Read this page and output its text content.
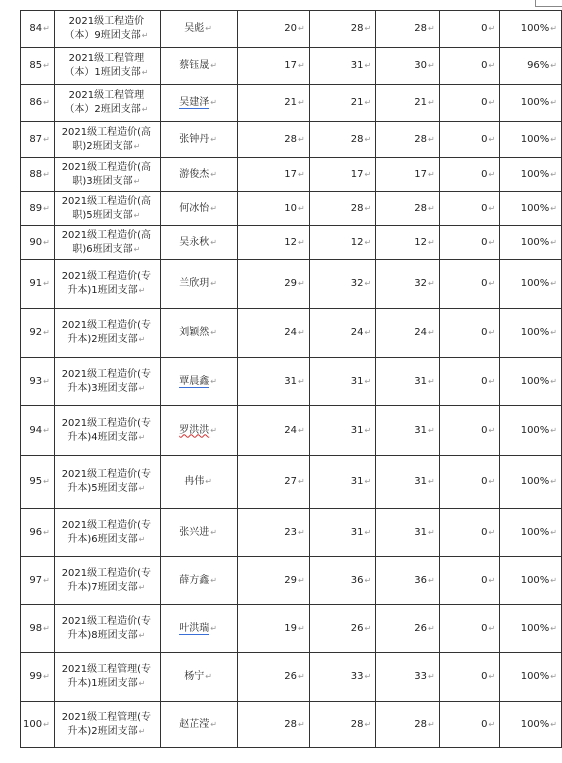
84↵	2021级工程造价（本）9班团支部↵	吴彪↵	20↵	28↵	28↵	0↵	100%↵
85↵	2021级工程管理（本）1班团支部↵	蔡钰晟↵	17↵	31↵	30↵	0↵	96%↵
86↵	2021级工程管理（本）2班团支部↵	吴建泽↵	21↵	21↵	21↵	0↵	100%↵
87↵	2021级工程造价(高职)2班团支部↵	张钟丹↵	28↵	28↵	28↵	0↵	100%↵
88↵	2021级工程造价(高职)3班团支部↵	游俊杰↵	17↵	17↵	17↵	0↵	100%↵
89↵	2021级工程造价(高职)5班团支部↵	何冰怡↵	10↵	28↵	28↵	0↵	100%↵
90↵	2021级工程造价(高职)6班团支部↵	吴永秋↵	12↵	12↵	12↵	0↵	100%↵
91↵	2021级工程造价(专升本)1班团支部↵	兰欣玥↵	29↵	32↵	32↵	0↵	100%↵
92↵	2021级工程造价(专升本)2班团支部↵	刘颖然↵	24↵	24↵	24↵	0↵	100%↵
93↵	2021级工程造价(专升本)3班团支部↵	覃晨鑫↵	31↵	31↵	31↵	0↵	100%↵
94↵	2021级工程造价(专升本)4班团支部↵	罗洪洪↵	24↵	31↵	31↵	0↵	100%↵
95↵	2021级工程造价(专升本)5班团支部↵	冉伟↵	27↵	31↵	31↵	0↵	100%↵
96↵	2021级工程造价(专升本)6班团支部↵	张兴进↵	23↵	31↵	31↵	0↵	100%↵
97↵	2021级工程造价(专升本)7班团支部↵	薛方鑫↵	29↵	36↵	36↵	0↵	100%↵
98↵	2021级工程造价(专升本)8班团支部↵	叶洪瑞↵	19↵	26↵	26↵	0↵	100%↵
99↵	2021级工程管理(专升本)1班团支部↵	杨宁↵	26↵	33↵	33↵	0↵	100%↵
100↵	2021级工程管理(专升本)2班团支部↵	赵芷滢↵	28↵	28↵	28↵	0↵	100%↵
